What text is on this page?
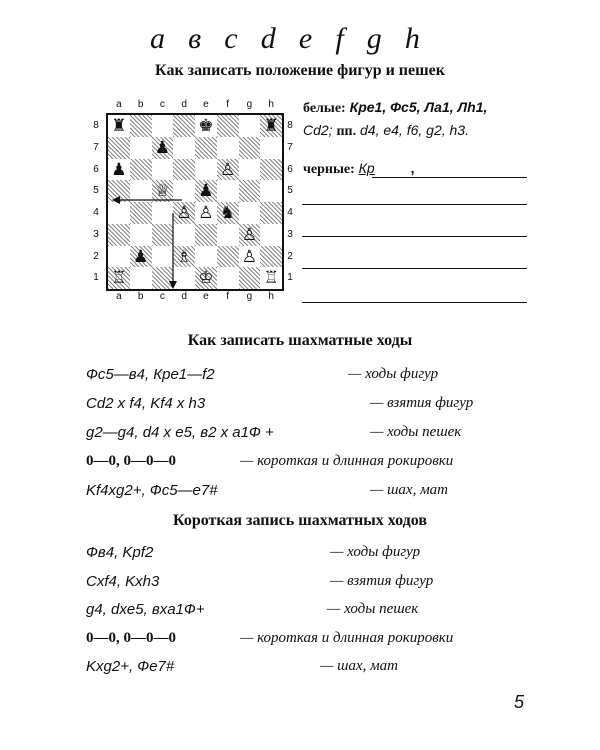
a в с d e f g h
Как записать положение фигур и пешек
a	b	c	d	e	f	g	h
a	b	c	d	e	f	g	h
8
7
6
5
4
3
2
1
8
7
6
5
4
3
2
1
♜	♚	♜
♟
♟	♙
♕ ♟
♙ ♙ ♞
♙
♟ ♗	♙
♖	♔	♖
белые: Кре1, Фс5, Ла1, Лh1,
Cd2; пп. d4, e4, f6, g2, h3.
черные: Кр	,
Как записать шахматные ходы
Фс5—в4, Кре1—f2	— ходы фигур
Cd2 x f4, Kf4 x h3	— взятия фигур
g2—g4, d4 x e5, в2 x a1Ф +	— ходы пешек
0—0, 0—0—0	— короткая и длинная рокировки
Kf4xg2+, Фс5—e7#	— шах, мат
Короткая запись шахматных ходов
Фв4, Kpf2	— ходы фигур
Cxf4, Kxh3	— взятия фигур
g4, dxe5, вxa1Ф+	— ходы пешек
0—0, 0—0—0	— короткая и длинная рокировки
Kxg2+, Фе7#	— шах, мат
5
